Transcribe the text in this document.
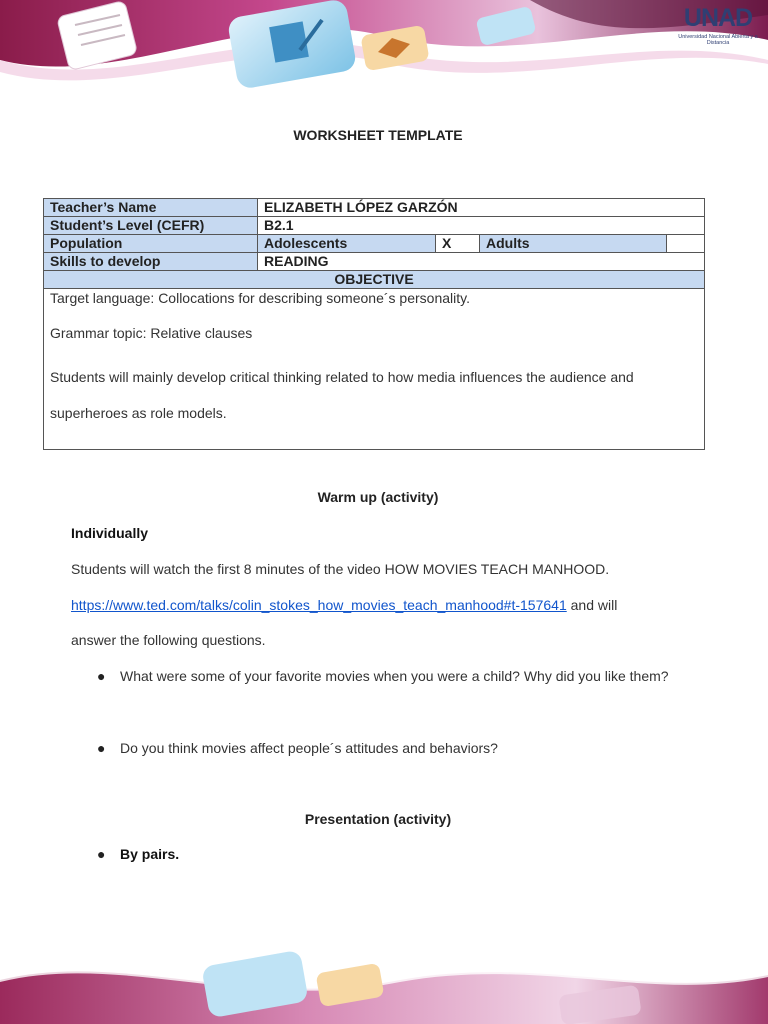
UNAD
Universidad Nacional Abierta y a Distancia
WORKSHEET TEMPLATE
Teacher’s Name	ELIZABETH LÓPEZ GARZÓN			
Student’s Level (CEFR)	B2.1			
Population	Adolescents	X	Adults	
Skills to develop	READING			
OBJECTIVE				

Target language: Collocations for describing someone´s personality.

Grammar topic: Relative clauses

Students will mainly develop critical thinking related to how media influences the audience and superheroes as role models.				

Warm up (activity)
Individually
Students will watch the first 8 minutes of the video HOW MOVIES TEACH MANHOOD.
https://www.ted.com/talks/colin_stokes_how_movies_teach_manhood#t-157641 and will
answer the following questions.
● What were some of your favorite movies when you were a child? Why did you like them?
● Do you think movies affect people´s attitudes and behaviors?
Presentation (activity)
● By pairs.
